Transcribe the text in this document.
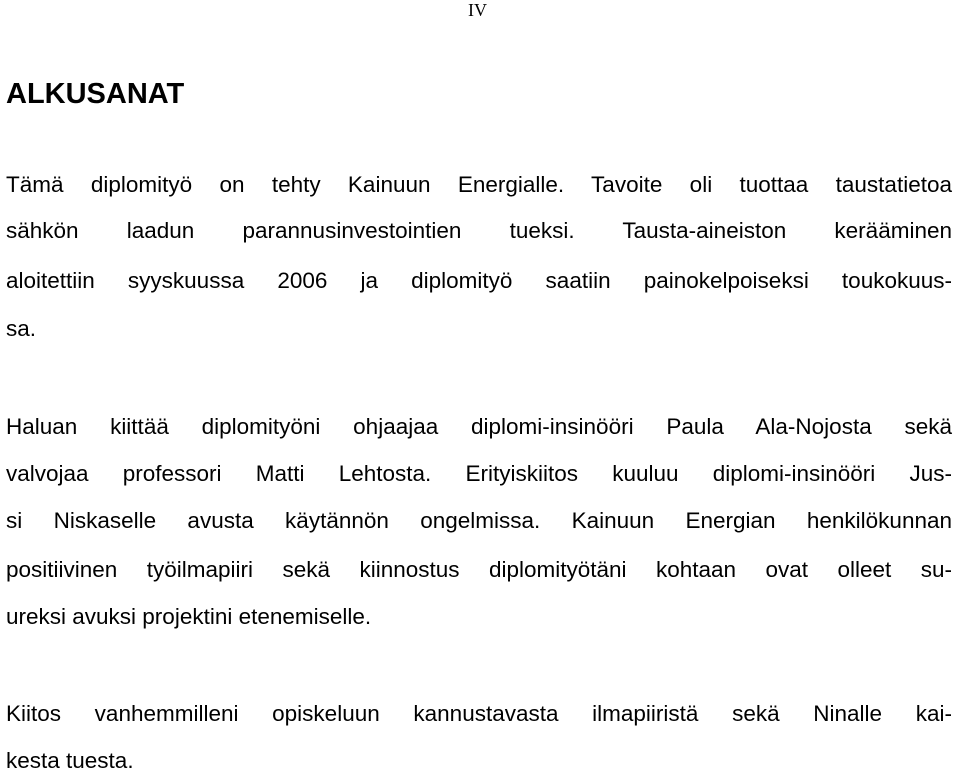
IV
ALKUSANAT
Tämä diplomityö on tehty Kainuun Energialle. Tavoite oli tuottaa taustatietoa
sähkön laadun parannusinvestointien tueksi. Tausta-aineiston kerääminen
aloitettiin syyskuussa 2006 ja diplomityö saatiin painokelpoiseksi toukokuus-
sa.
Haluan kiittää diplomityöni ohjaajaa diplomi-insinööri Paula Ala-Nojosta sekä
valvojaa professori Matti Lehtosta. Erityiskiitos kuuluu diplomi-insinööri Jus-
si Niskaselle avusta käytännön ongelmissa. Kainuun Energian henkilökunnan
positiivinen työilmapiiri sekä kiinnostus diplomityötäni kohtaan ovat olleet su-
ureksi avuksi projektini etenemiselle.
Kiitos vanhemmilleni opiskeluun kannustavasta ilmapiiristä sekä Ninalle kai-
kesta tuesta.
